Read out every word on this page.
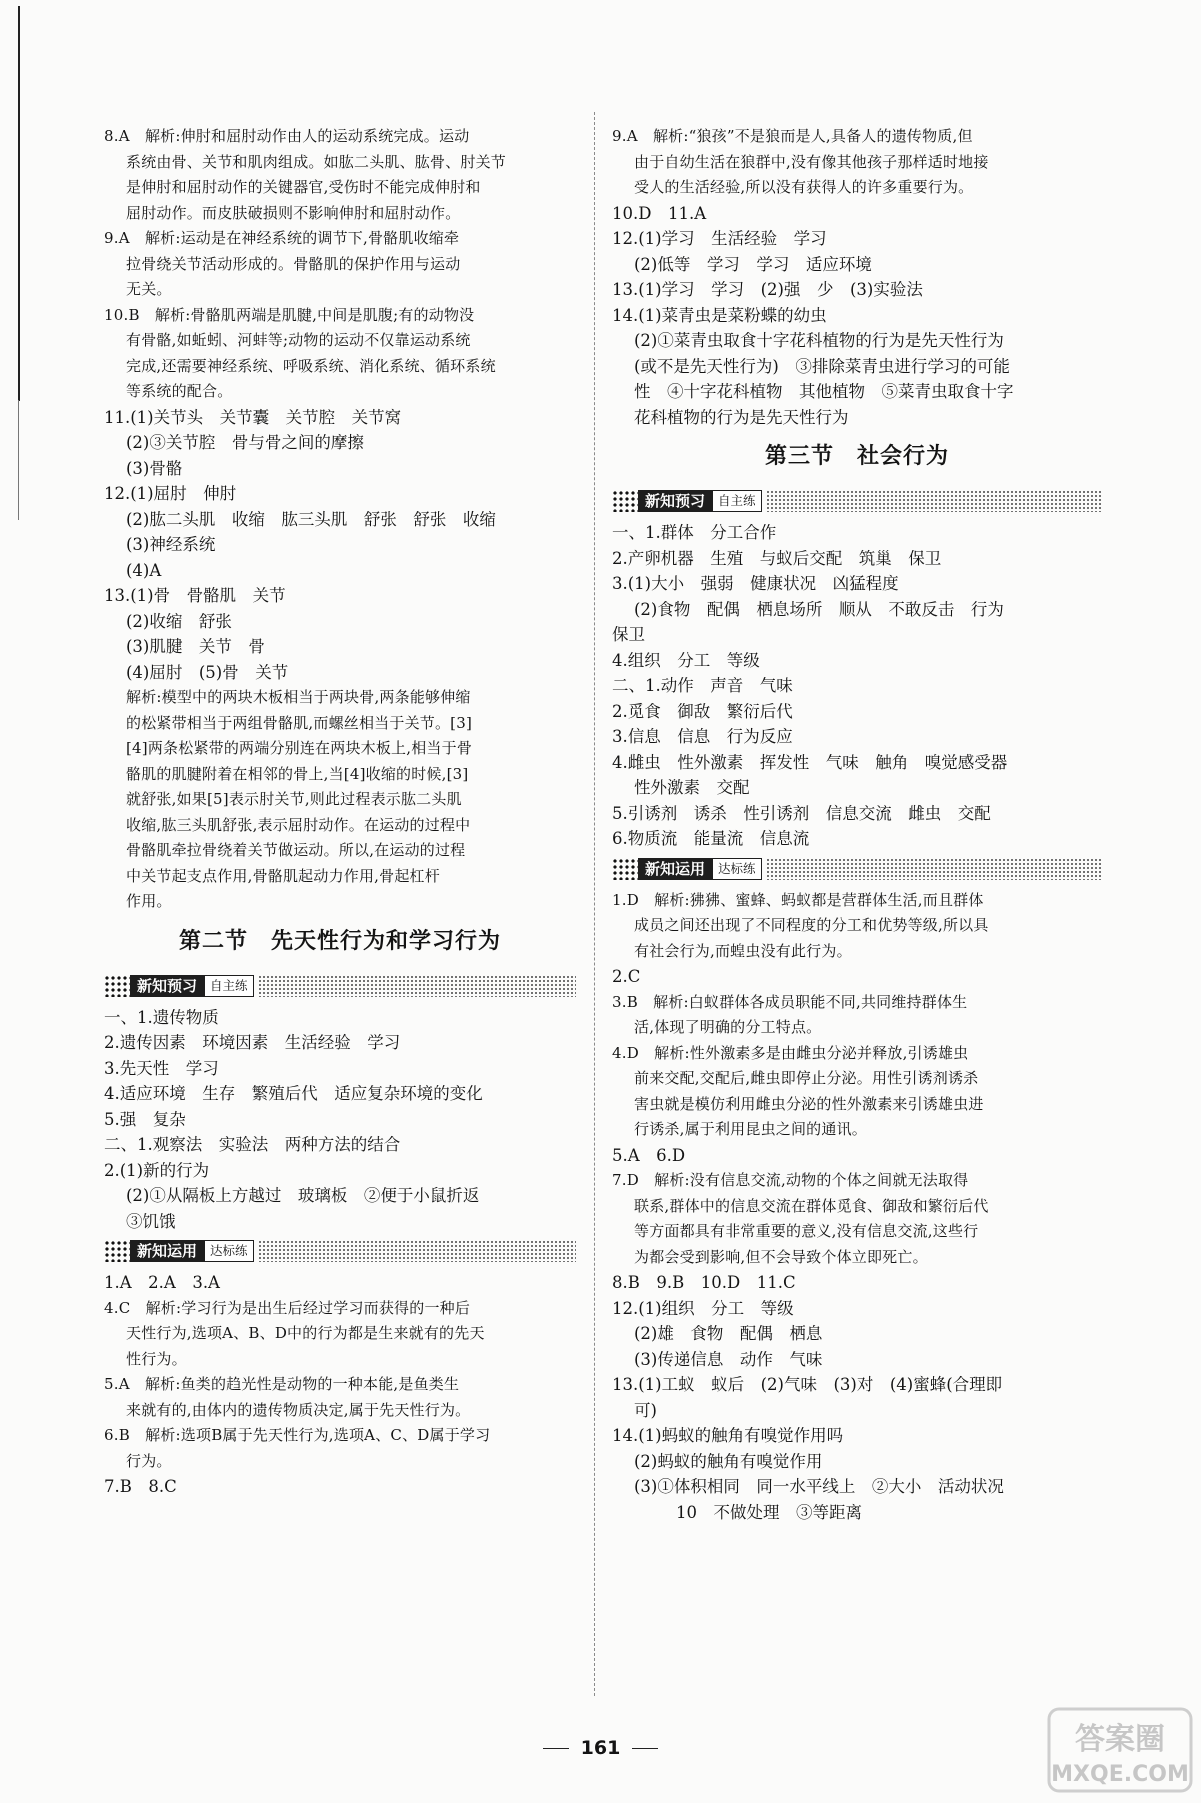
8.A　解析:伸肘和屈肘动作由人的运动系统完成。运动
系统由骨、关节和肌肉组成。如肱二头肌、肱骨、肘关节
是伸肘和屈肘动作的关键器官,受伤时不能完成伸肘和
屈肘动作。而皮肤破损则不影响伸肘和屈肘动作。
9.A　解析:运动是在神经系统的调节下,骨骼肌收缩牵
拉骨绕关节活动形成的。骨骼肌的保护作用与运动
无关。
10.B　解析:骨骼肌两端是肌腱,中间是肌腹;有的动物没
有骨骼,如蚯蚓、河蚌等;动物的运动不仅靠运动系统
完成,还需要神经系统、呼吸系统、消化系统、循环系统
等系统的配合。
11.(1)关节头　关节囊　关节腔　关节窝
(2)③关节腔　骨与骨之间的摩擦
(3)骨骼
12.(1)屈肘　伸肘
(2)肱二头肌　收缩　肱三头肌　舒张　舒张　收缩
(3)神经系统
(4)A
13.(1)骨　骨骼肌　关节
(2)收缩　舒张
(3)肌腱　关节　骨
(4)屈肘　(5)骨　关节
解析:模型中的两块木板相当于两块骨,两条能够伸缩
的松紧带相当于两组骨骼肌,而螺丝相当于关节。[3]
[4]两条松紧带的两端分别连在两块木板上,相当于骨
骼肌的肌腱附着在相邻的骨上,当[4]收缩的时候,[3]
就舒张,如果[5]表示肘关节,则此过程表示肱二头肌
收缩,肱三头肌舒张,表示屈肘动作。在运动的过程中
骨骼肌牵拉骨绕着关节做运动。所以,在运动的过程
中关节起支点作用,骨骼肌起动力作用,骨起杠杆
作用。
第二节　先天性行为和学习行为
新知预习	自主练
一、1.遗传物质
2.遗传因素　环境因素　生活经验　学习
3.先天性　学习
4.适应环境　生存　繁殖后代　适应复杂环境的变化
5.强　复杂
二、1.观察法　实验法　两种方法的结合
2.(1)新的行为
(2)①从隔板上方越过　玻璃板　②便于小鼠折返
③饥饿
新知运用	达标练
1.A　2.A　3.A
4.C　解析:学习行为是出生后经过学习而获得的一种后
天性行为,选项A、B、D中的行为都是生来就有的先天
性行为。
5.A　解析:鱼类的趋光性是动物的一种本能,是鱼类生
来就有的,由体内的遗传物质决定,属于先天性行为。
6.B　解析:选项B属于先天性行为,选项A、C、D属于学习
行为。
7.B　8.C
9.A　解析:“狼孩”不是狼而是人,具备人的遗传物质,但
由于自幼生活在狼群中,没有像其他孩子那样适时地接
受人的生活经验,所以没有获得人的许多重要行为。
10.D　11.A
12.(1)学习　生活经验　学习
(2)低等　学习　学习　适应环境
13.(1)学习　学习　(2)强　少　(3)实验法
14.(1)菜青虫是菜粉蝶的幼虫
(2)①菜青虫取食十字花科植物的行为是先天性行为
(或不是先天性行为)　③排除菜青虫进行学习的可能
性　④十字花科植物　其他植物　⑤菜青虫取食十字
花科植物的行为是先天性行为
第三节　社会行为
新知预习	自主练
一、1.群体　分工合作
2.产卵机器　生殖　与蚁后交配　筑巢　保卫
3.(1)大小　强弱　健康状况　凶猛程度
(2)食物　配偶　栖息场所　顺从　不敢反击　行为
保卫
4.组织　分工　等级
二、1.动作　声音　气味
2.觅食　御敌　繁衍后代
3.信息　信息　行为反应
4.雌虫　性外激素　挥发性　气味　触角　嗅觉感受器
性外激素　交配
5.引诱剂　诱杀　性引诱剂　信息交流　雌虫　交配
6.物质流　能量流　信息流
新知运用	达标练
1.D　解析:狒狒、蜜蜂、蚂蚁都是营群体生活,而且群体
成员之间还出现了不同程度的分工和优势等级,所以具
有社会行为,而蝗虫没有此行为。
2.C
3.B　解析:白蚁群体各成员职能不同,共同维持群体生
活,体现了明确的分工特点。
4.D　解析:性外激素多是由雌虫分泌并释放,引诱雄虫
前来交配,交配后,雌虫即停止分泌。用性引诱剂诱杀
害虫就是模仿利用雌虫分泌的性外激素来引诱雄虫进
行诱杀,属于利用昆虫之间的通讯。
5.A　6.D
7.D　解析:没有信息交流,动物的个体之间就无法取得
联系,群体中的信息交流在群体觅食、御敌和繁衍后代
等方面都具有非常重要的意义,没有信息交流,这些行
为都会受到影响,但不会导致个体立即死亡。
8.B　9.B　10.D　11.C
12.(1)组织　分工　等级
(2)雄　食物　配偶　栖息
(3)传递信息　动作　气味
13.(1)工蚁　蚁后　(2)气味　(3)对　(4)蜜蜂(合理即
可)
14.(1)蚂蚁的触角有嗅觉作用吗
(2)蚂蚁的触角有嗅觉作用
(3)①体积相同　同一水平线上　②大小　活动状况
10　不做处理　③等距离
161	答案圈
MXQE.COM
